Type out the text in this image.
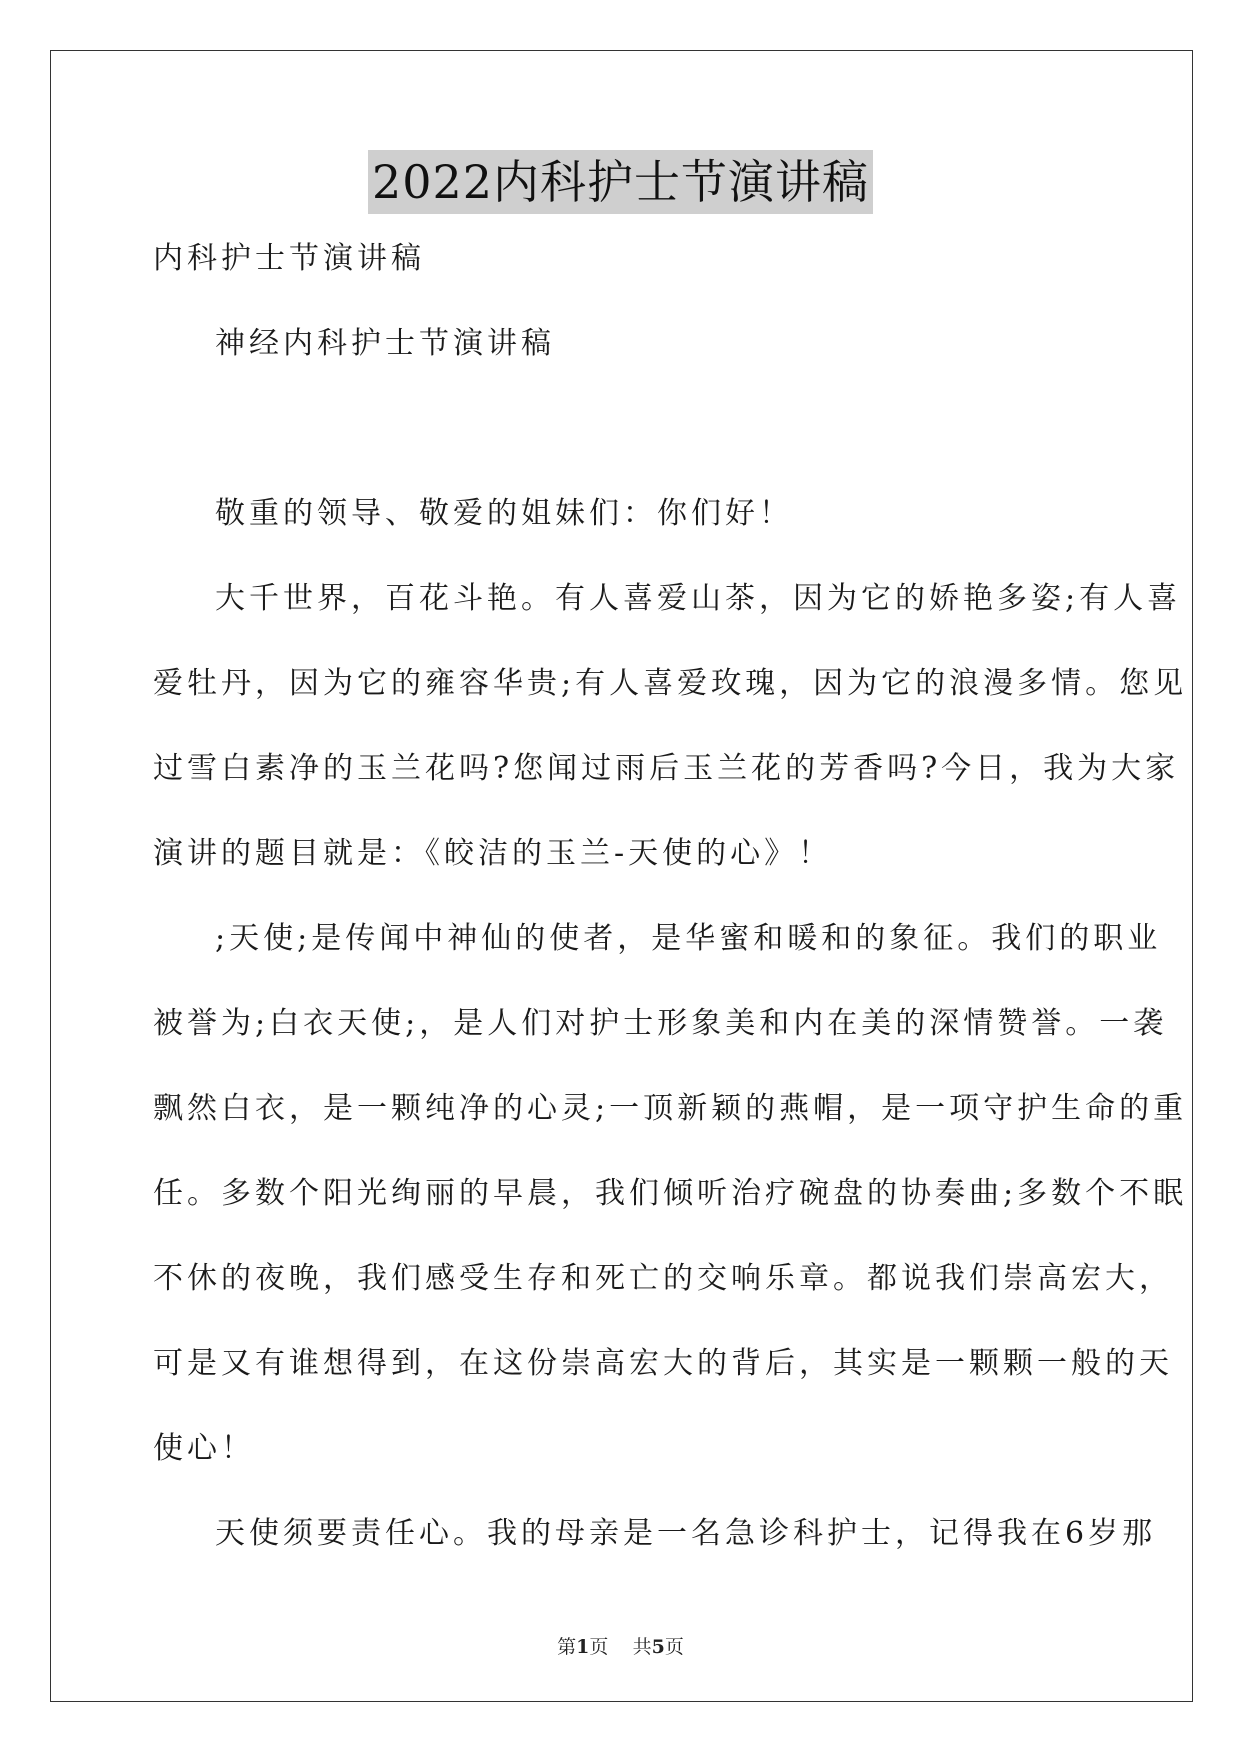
2022内科护士节演讲稿
内科护士节演讲稿
神经内科护士节演讲稿
敬重的领导、敬爱的姐妹们：你们好！
大千世界，百花斗艳。有人喜爱山茶，因为它的娇艳多姿;有人喜
爱牡丹，因为它的雍容华贵;有人喜爱玫瑰，因为它的浪漫多情。您见
过雪白素净的玉兰花吗?您闻过雨后玉兰花的芳香吗?今日，我为大家
演讲的题目就是：《皎洁的玉兰-天使的心》！
;天使;是传闻中神仙的使者，是华蜜和暖和的象征。我们的职业
被誉为;白衣天使;，是人们对护士形象美和内在美的深情赞誉。一袭
飘然白衣，是一颗纯净的心灵;一顶新颖的燕帽，是一项守护生命的重
任。多数个阳光绚丽的早晨，我们倾听治疗碗盘的协奏曲;多数个不眠
不休的夜晚，我们感受生存和死亡的交响乐章。都说我们崇高宏大，
可是又有谁想得到，在这份崇高宏大的背后，其实是一颗颗一般的天
使心！
天使须要责任心。我的母亲是一名急诊科护士，记得我在6岁那
第1页 共5页
